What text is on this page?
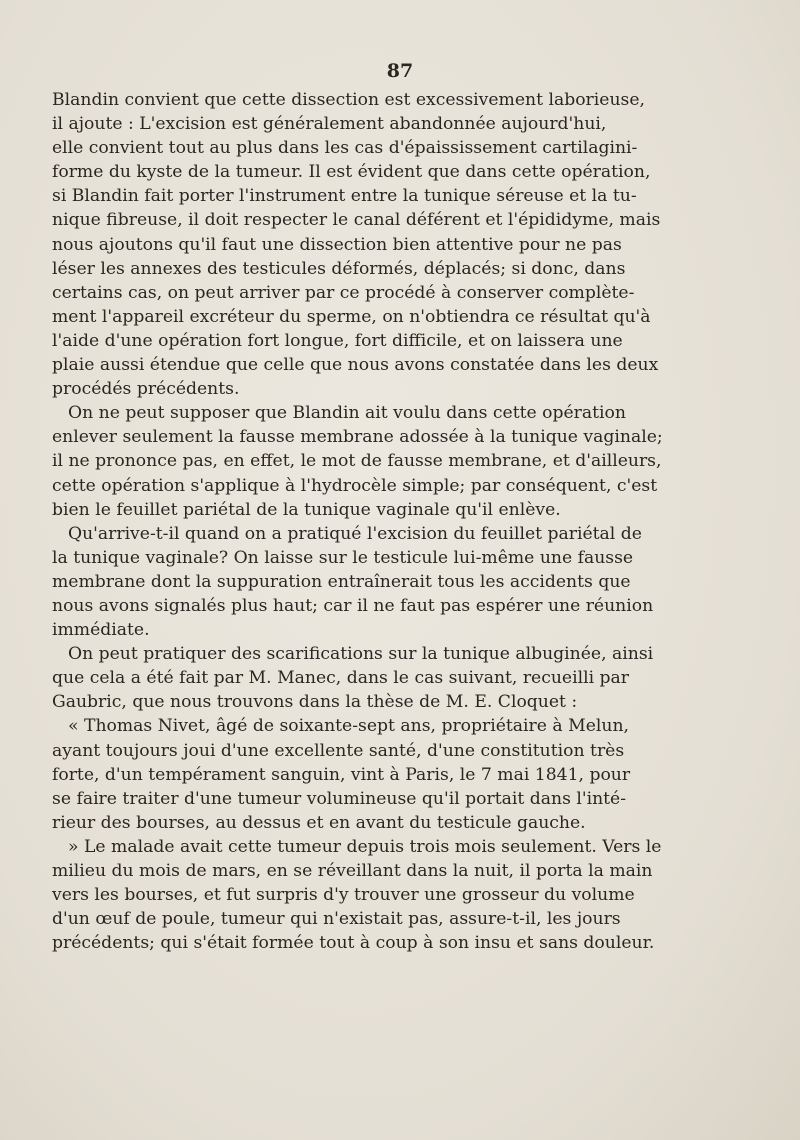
87
Blandin convient que cette dissection est excessivement laborieuse,
il ajoute : L'excision est généralement abandonnée aujourd'hui,
elle convient tout au plus dans les cas d'épaississement cartilagini-
forme du kyste de la tumeur. Il est évident que dans cette opération,
si Blandin fait porter l'instrument entre la tunique séreuse et la tu-
nique fibreuse, il doit respecter le canal déférent et l'épididyme, mais
nous ajoutons qu'il faut une dissection bien attentive pour ne pas
léser les annexes des testicules déformés, déplacés; si donc, dans
certains cas, on peut arriver par ce procédé à conserver complète-
ment l'appareil excréteur du sperme, on n'obtiendra ce résultat qu'à
l'aide d'une opération fort longue, fort difficile, et on laissera une
plaie aussi étendue que celle que nous avons constatée dans les deux
procédés précédents.
On ne peut supposer que Blandin ait voulu dans cette opération
enlever seulement la fausse membrane adossée à la tunique vaginale;
il ne prononce pas, en effet, le mot de fausse membrane, et d'ailleurs,
cette opération s'applique à l'hydrocèle simple; par conséquent, c'est
bien le feuillet pariétal de la tunique vaginale qu'il enlève.
Qu'arrive-t-il quand on a pratiqué l'excision du feuillet pariétal de
la tunique vaginale? On laisse sur le testicule lui-même une fausse
membrane dont la suppuration entraînerait tous les accidents que
nous avons signalés plus haut; car il ne faut pas espérer une réunion
immédiate.
On peut pratiquer des scarifications sur la tunique albuginée, ainsi
que cela a été fait par M. Manec, dans le cas suivant, recueilli par
Gaubric, que nous trouvons dans la thèse de M. E. Cloquet :
« Thomas Nivet, âgé de soixante-sept ans, propriétaire à Melun,
ayant toujours joui d'une excellente santé, d'une constitution très
forte, d'un tempérament sanguin, vint à Paris, le 7 mai 1841, pour
se faire traiter d'une tumeur volumineuse qu'il portait dans l'inté-
rieur des bourses, au dessus et en avant du testicule gauche.
» Le malade avait cette tumeur depuis trois mois seulement. Vers le
milieu du mois de mars, en se réveillant dans la nuit, il porta la main
vers les bourses, et fut surpris d'y trouver une grosseur du volume
d'un œuf de poule, tumeur qui n'existait pas, assure-t-il, les jours
précédents; qui s'était formée tout à coup à son insu et sans douleur.
